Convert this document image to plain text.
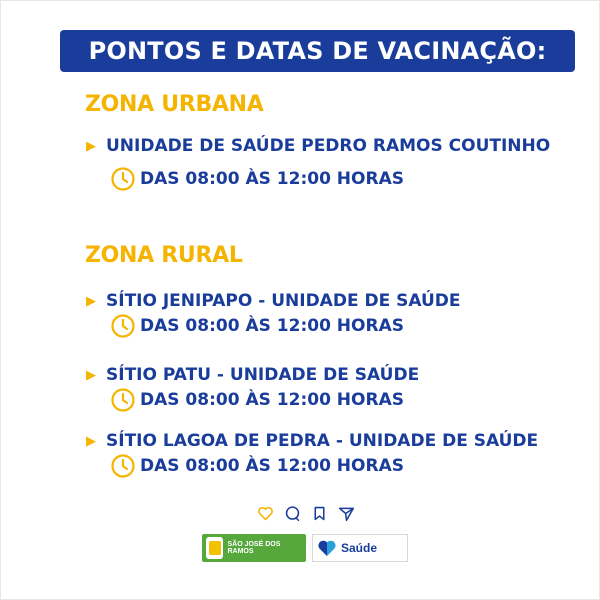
PONTOS E DATAS DE VACINAÇÃO:
ZONA URBANA
▶ UNIDADE DE SAÚDE PEDRO RAMOS COUTINHO
DAS 08:00 ÀS 12:00 HORAS
ZONA RURAL
▶ SÍTIO JENIPAPO - UNIDADE DE SAÚDE
DAS 08:00 ÀS 12:00 HORAS
▶ SÍTIO PATU - UNIDADE DE SAÚDE
DAS 08:00 ÀS 12:00 HORAS
▶ SÍTIO LAGOA DE PEDRA - UNIDADE DE SAÚDE
DAS 08:00 ÀS 12:00 HORAS
SÃO JOSÉ DOS RAMOS	Saúde
